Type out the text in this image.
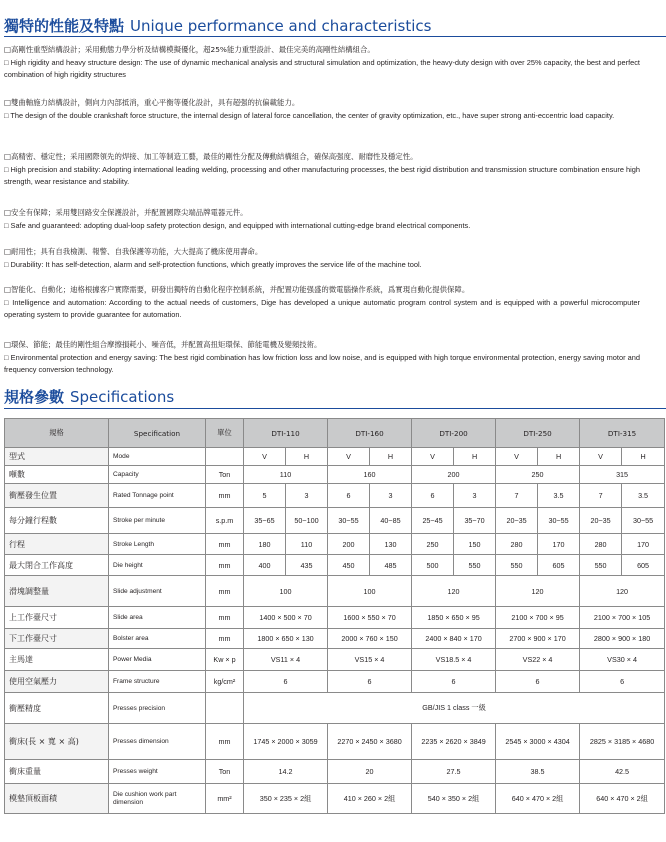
獨特的性能及特點 Unique performance and characteristics

□高剛性重型結構設計；采用動態力學分析及結構模擬優化，超25%能力重型設計、最佳完美的高剛性結構組合。

□ High rigidity and heavy structure design: The use of dynamic mechanical analysis and structural simulation and optimization, the heavy-duty design with over 25% capacity, the best and perfect combination of high rigidity structures

□雙曲軸施力結構設計，側向力內部抵消，重心平衡等優化設計，具有超强的抗偏載能力。

□ The design of the double crankshaft force structure, the internal design of lateral force cancellation, the center of gravity optimization, etc., have super strong anti-eccentric load capacity.

□高精密、穩定性；采用國際領先的焊接、加工等制造工藝，最佳的剛性分配及傳動結構組合，確保高强度、耐磨性及穩定性。

□ High precision and stability: Adopting international leading welding, processing and other manufacturing processes, the best rigid distribution and transmission structure combination ensure high strength, wear resistance and stability.

□安全有保障；采用雙回路安全保護設計，并配置國際尖端品牌電器元件。

□ Safe and guaranteed: adopting dual-loop safety protection design, and equipped with international cutting-edge brand electrical components.

□耐用性；具有自我檢測、報警、自我保護等功能，大大提高了機床使用壽命。

□ Durability: It has self-detection, alarm and self-protection functions, which greatly improves the service life of the machine tool.

□智能化、自動化；迪格根據客户實際需要，研發出獨特的自動化程序控制系統，并配置功能强盛的微電腦操作系統，爲實現自動化提供保障。

□ Intelligence and automation: According to the actual needs of customers, Dige has developed a unique automatic program control system and is equipped with a powerful microcomputer operating system to provide guarantee for automation.

□環保、節能；最佳的剛性組合摩擦損耗小、噪音低，并配置高扭矩環保、節能電機及變頻技術。

□ Environmental protection and energy saving: The best rigid combination has low friction loss and low noise, and is equipped with high torque environmental protection, energy saving motor and frequency conversion technology.

規格參數 Specifications
規格	Specification	單位	DTI-110		DTI-160		DTI-200		DTI-250		DTI-315	
型式	Mode		V	H	V	H	V	H	V	H	V	H
噸數	Capacity	Ton	110		160		200		250		315	
衝壓發生位置	Rated Tonnage point	mm	5	3	6	3	6	3	7	3.5	7	3.5
每分鐘行程數	Stroke per minute	s.p.m	35~65	50~100	30~55	40~85	25~45	35~70	20~35	30~55	20~35	30~55
行程	Stroke Length	mm	180	110	200	130	250	150	280	170	280	170
最大閉合工作高度	Die height	mm	400	435	450	485	500	550	550	605	550	605
滑塊調整量	Slide adjustment	mm	100		100		120		120		120	
上工作臺尺寸	Slide area	mm	1400 × 500 × 70		1600 × 550 × 70		1850 × 650 × 95		2100 × 700 × 95		2100 × 700 × 105	
下工作臺尺寸	Bolster area	mm	1800 × 650 × 130		2000 × 760 × 150		2400 × 840 × 170		2700 × 900 × 170		2800 × 900 × 180	
主馬達	Power Media	Kw × p	VS11 × 4		VS15 × 4		VS18.5 × 4		VS22 × 4		VS30 × 4	
使用空氣壓力	Frame structure	kg/cm²	6		6		6		6		6	
衝壓精度	Presses precision		GB/JIS 1 class 一級									
衝床(長 × 寬 × 高)	Presses dimension	mm	1745 × 2000 × 3059		2270 × 2450 × 3680		2235 × 2620 × 3849		2545 × 3000 × 4304		2825 × 3185 × 4680	
衝床重量	Presses weight	Ton	14.2		20		27.5		38.5		42.5	
模墊頂板面積	Die cushion work part dimension	mm²	350 × 235 × 2組		410 × 260 × 2組		540 × 350 × 2組		640 × 470 × 2組		640 × 470 × 2組	
